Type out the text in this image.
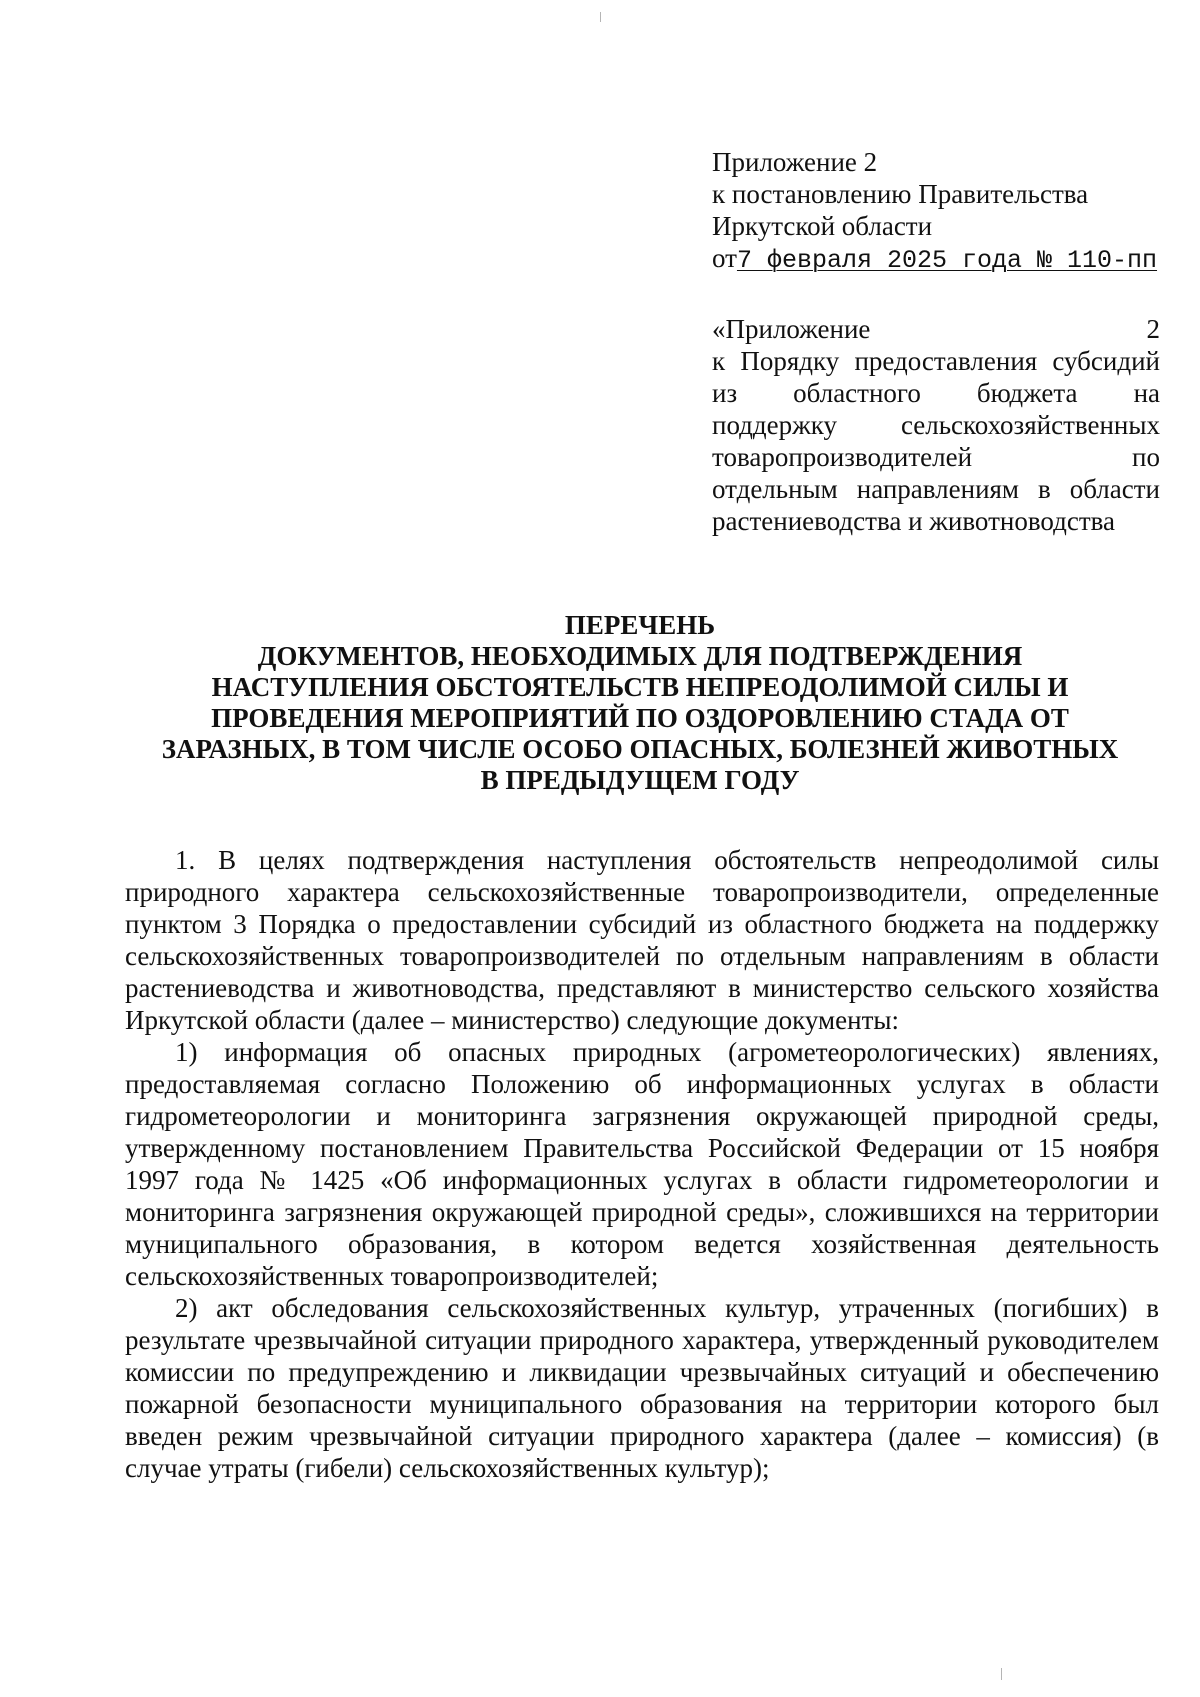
Приложение 2
к постановлению Правительства
Иркутской области
от7 февраля 2025 года № 110-пп
«Приложение 2
к Порядку предоставления субсидий
из областного бюджета на
поддержку сельскохозяйственных
товаропроизводителей по
отдельным направлениям в области
растениеводства и животноводства
ПЕРЕЧЕНЬ
ДОКУМЕНТОВ, НЕОБХОДИМЫХ ДЛЯ ПОДТВЕРЖДЕНИЯ
НАСТУПЛЕНИЯ ОБСТОЯТЕЛЬСТВ НЕПРЕОДОЛИМОЙ СИЛЫ И
ПРОВЕДЕНИЯ МЕРОПРИЯТИЙ ПО ОЗДОРОВЛЕНИЮ СТАДА ОТ
ЗАРАЗНЫХ, В ТОМ ЧИСЛЕ ОСОБО ОПАСНЫХ, БОЛЕЗНЕЙ ЖИВОТНЫХ
В ПРЕДЫДУЩЕМ ГОДУ

1. В целях подтверждения наступления обстоятельств непреодолимой силы природного характера сельскохозяйственные товаропроизводители, определенные пунктом 3 Порядка о предоставлении субсидий из областного бюджета на поддержку сельскохозяйственных товаропроизводителей по отдельным направлениям в области растениеводства и животноводства, представляют в министерство сельского хозяйства Иркутской области (далее – министерство) следующие документы:

1) информация об опасных природных (агрометеорологических) явлениях, предоставляемая согласно Положению об информационных услугах в области гидрометеорологии и мониторинга загрязнения окружающей природной среды, утвержденному постановлением Правительства Российской Федерации от 15 ноября 1997 года № 1425 «Об информационных услугах в области гидрометеорологии и мониторинга загрязнения окружающей природной среды», сложившихся на территории муниципального образования, в котором ведется хозяйственная деятельность сельскохозяйственных товаропроизводителей;

2) акт обследования сельскохозяйственных культур, утраченных (погибших) в результате чрезвычайной ситуации природного характера, утвержденный руководителем комиссии по предупреждению и ликвидации чрезвычайных ситуаций и обеспечению пожарной безопасности муниципального образования на территории которого был введен режим чрезвычайной ситуации природного характера (далее – комиссия) (в случае утраты (гибели) сельскохозяйственных культур);
